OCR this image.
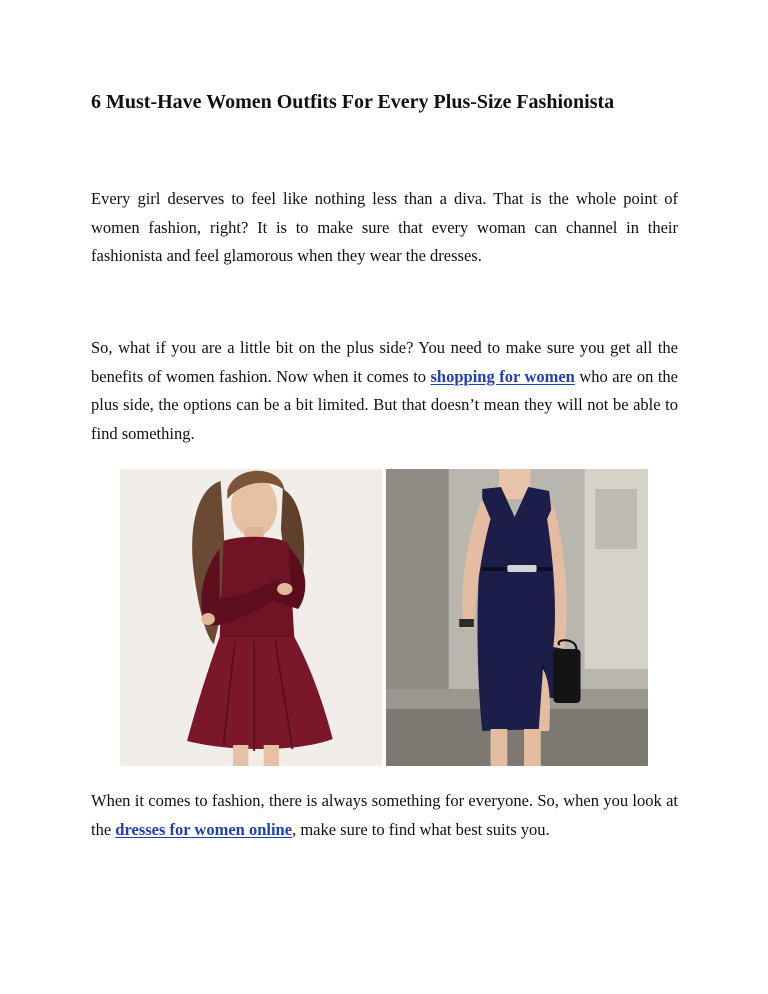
6 Must-Have Women Outfits For Every Plus-Size Fashionista

Every girl deserves to feel like nothing less than a diva. That is the whole point of women fashion, right? It is to make sure that every woman can channel in their fashionista and feel glamorous when they wear the dresses.

So, what if you are a little bit on the plus side? You need to make sure you get all the benefits of women fashion. Now when it comes to shopping for women who are on the plus side, the options can be a bit limited. But that doesn’t mean they will not be able to find something.

When it comes to fashion, there is always something for everyone. So, when you look at the dresses for women online, make sure to find what best suits you.
